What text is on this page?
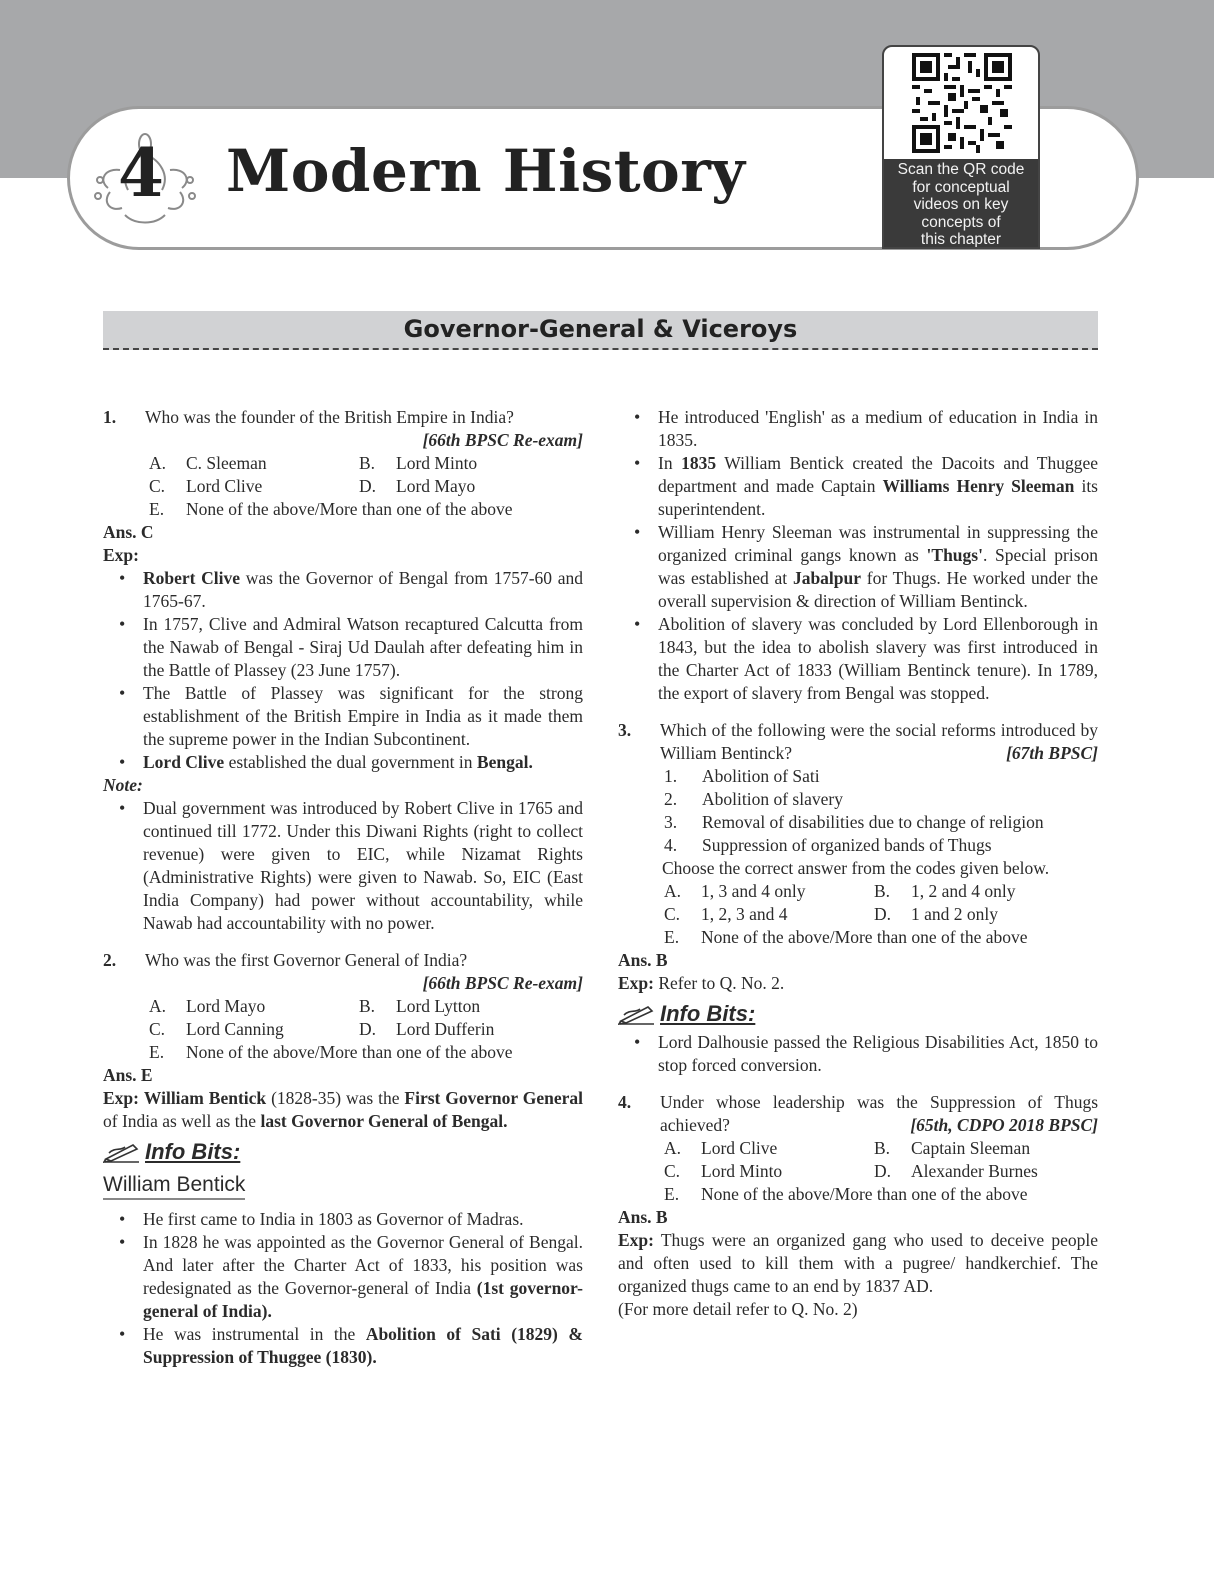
4 Modern History	Scan the QR code
for conceptual
videos on key
concepts of
this chapter
Governor-General & Viceroys
1.	Who was the founder of the British Empire in India?
[66th BPSC Re-exam]
A.	C. Sleeman	B.	Lord Minto
C.	Lord Clive	D.	Lord Mayo
E.	None of the above/More than one of the above
Ans. C
Exp:
• Robert Clive was the Governor of Bengal from 1757-60 and 1765-67.
• In 1757, Clive and Admiral Watson recaptured Calcutta from the Nawab of Bengal - Siraj Ud Daulah after defeating him in the Battle of Plassey (23 June 1757).
• The Battle of Plassey was significant for the strong establishment of the British Empire in India as it made them the supreme power in the Indian Subcontinent.
• Lord Clive established the dual government in Bengal.
Note:
• Dual government was introduced by Robert Clive in 1765 and continued till 1772. Under this Diwani Rights (right to collect revenue) were given to EIC, while Nizamat Rights (Administrative Rights) were given to Nawab. So, EIC (East India Company) had power without accountability, while Nawab had accountability with no power.
2.	Who was the first Governor General of India?
[66th BPSC Re-exam]
A.	Lord Mayo	B.	Lord Lytton
C.	Lord Canning	D.	Lord Dufferin
E.	None of the above/More than one of the above
Ans. E
Exp: William Bentick (1828-35) was the First Governor General of India as well as the last Governor General of Bengal.
Info Bits:
William Bentick
• He first came to India in 1803 as Governor of Madras.
• In 1828 he was appointed as the Governor General of Bengal. And later after the Charter Act of 1833, his position was redesignated as the Governor-general of India (1st governor-general of India).
• He was instrumental in the Abolition of Sati (1829) & Suppression of Thuggee (1830).
• He introduced 'English' as a medium of education in India in 1835.
• In 1835 William Bentick created the Dacoits and Thuggee department and made Captain Williams Henry Sleeman its superintendent.
• William Henry Sleeman was instrumental in suppressing the organized criminal gangs known as 'Thugs'. Special prison was established at Jabalpur for Thugs. He worked under the overall supervision & direction of William Bentinck.
• Abolition of slavery was concluded by Lord Ellenborough in 1843, but the idea to abolish slavery was first introduced in the Charter Act of 1833 (William Bentinck tenure). In 1789, the export of slavery from Bengal was stopped.
3.	Which of the following were the social reforms introduced by William Bentinck?	[67th BPSC]
1.	Abolition of Sati
2.	Abolition of slavery
3.	Removal of disabilities due to change of religion
4.	Suppression of organized bands of Thugs
Choose the correct answer from the codes given below.
A.	1, 3 and 4 only	B.	1, 2 and 4 only
C.	1, 2, 3 and 4	D.	1 and 2 only
E.	None of the above/More than one of the above
Ans. B
Exp: Refer to Q. No. 2.
Info Bits:
• Lord Dalhousie passed the Religious Disabilities Act, 1850 to stop forced conversion.
4.	Under whose leadership was the Suppression of Thugs achieved?	[65th, CDPO 2018 BPSC]
A.	Lord Clive	B.	Captain Sleeman
C.	Lord Minto	D.	Alexander Burnes
E.	None of the above/More than one of the above
Ans. B
Exp: Thugs were an organized gang who used to deceive people and often used to kill them with a pugree/ handkerchief. The organized thugs came to an end by 1837 AD.
(For more detail refer to Q. No. 2)
